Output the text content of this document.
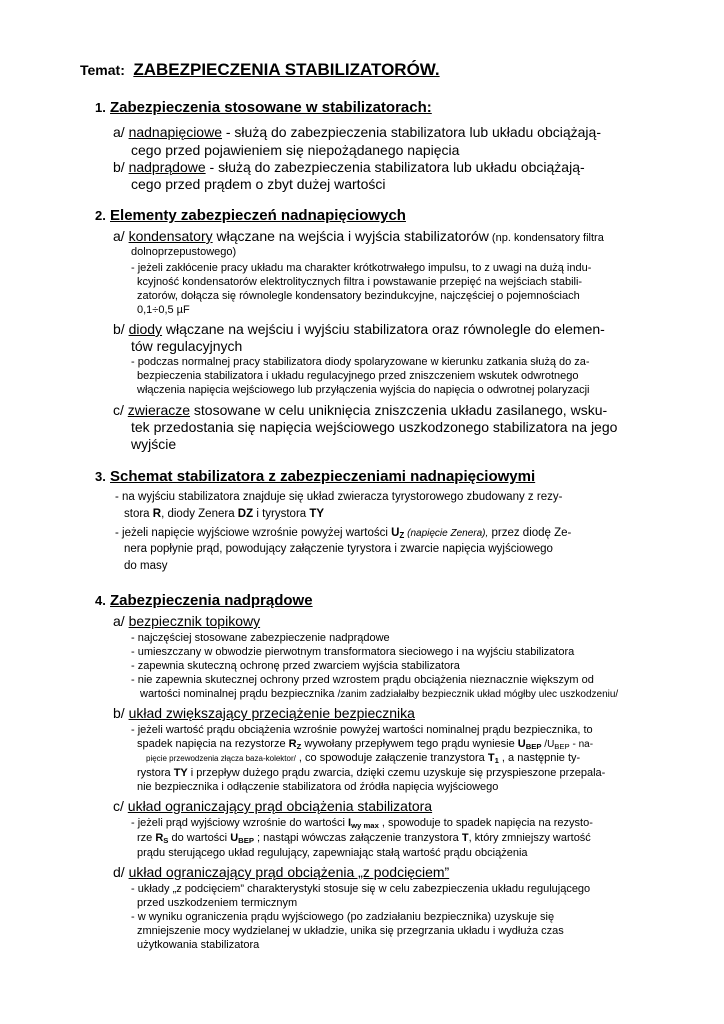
Temat: ZABEZPIECZENIA STABILIZATORÓW.
1. Zabezpieczenia stosowane w stabilizatorach:
a/ nadnapięciowe - służą do zabezpieczenia stabilizatora lub układu obciążają-
cego przed pojawieniem się niepożądanego napięcia
b/ nadprądowe - służą do zabezpieczenia stabilizatora lub układu obciążają-
cego przed prądem o zbyt dużej wartości
2. Elementy zabezpieczeń nadnapięciowych
a/ kondensatory włączane na wejścia i wyjścia stabilizatorów (np. kondensatory filtra
dolnoprzepustowego)
- jeżeli zakłócenie pracy układu ma charakter krótkotrwałego impulsu, to z uwagi na dużą indu-
kcyjność kondensatorów elektrolitycznych filtra i powstawanie przepięć na wejściach stabili-
zatorów, dołącza się równolegle kondensatory bezindukcyjne, najczęściej o pojemnościach
0,1÷0,5 µF
b/ diody włączane na wejściu i wyjściu stabilizatora oraz równolegle do elemen-
tów regulacyjnych
- podczas normalnej pracy stabilizatora diody spolaryzowane w kierunku zatkania służą do za-
bezpieczenia stabilizatora i układu regulacyjnego przed zniszczeniem wskutek odwrotnego
włączenia napięcia wejściowego lub przyłączenia wyjścia do napięcia o odwrotnej polaryzacji
c/ zwieracze stosowane w celu uniknięcia zniszczenia układu zasilanego, wsku-
tek przedostania się napięcia wejściowego uszkodzonego stabilizatora na jego
wyjście
3. Schemat stabilizatora z zabezpieczeniami nadnapięciowymi
- na wyjściu stabilizatora znajduje się układ zwieracza tyrystorowego zbudowany z rezy-
storа R, diody Zenera DZ i tyrystora TY
- jeżeli napięcie wyjściowe wzrośnie powyżej wartości $U_Z$ (napięcie Zenera), przez diodę Ze-
nera popłynie prąd, powodujący załączenie tyrystora i zwarcie napięcia wyjściowego
do masy
4. Zabezpieczenia nadprądowe
a/ bezpiecznik topikowy
- najczęściej stosowane zabezpieczenie nadprądowe
- umieszczany w obwodzie pierwotnym transformatora sieciowego i na wyjściu stabilizatora
- zapewnia skuteczną ochronę przed zwarciem wyjścia stabilizatora
- nie zapewnia skutecznej ochrony przed wzrostem prądu obciążenia nieznacznie większym od
wartości nominalnej prądu bezpiecznika /zanim zadziałałby bezpiecznik układ mógłby ulec uszkodzeniu/
b/ układ zwiększający przeciążenie bezpiecznika
- jeżeli wartość prądu obciążenia wzrośnie powyżej wartości nominalnej prądu bezpiecznika, to
spadek napięcia na rezystorze $R_Z$ wywołany przepływem tego prądu wyniesie $U_{BEP}$ $/U_{BEP} - na-$
pięcie przewodzenia złącza baza-kolektor/ , co spowoduje załączenie tranzystora $T_1$ , a następnie ty-
rystora TY i przepływ dużego prądu zwarcia, dzięki czemu uzyskuje się przyspieszone przepala-
nie bezpiecznika i odłączenie stabilizatora od źródła napięcia wyjściowego
c/ układ ograniczający prąd obciążenia stabilizatora
- jeżeli prąd wyjściowy wzrośnie do wartości $I_{wy max}$ , spowoduje to spadek napięcia na rezysto-
rze $R_S$ do wartości $U_{BEP}$ ; nastąpi wówczas załączenie tranzystora T, który zmniejszy wartość
prądu sterującego układ regulujący, zapewniając stałą wartość prądu obciążenia
d/ układ ograniczający prąd obciążenia „z podcięciem”
- układy „z podcięciem” charakterystyki stosuje się w celu zabezpieczenia układu regulującego
przed uszkodzeniem termicznym
- w wyniku ograniczenia prądu wyjściowego (po zadziałaniu bezpiecznika) uzyskuje się
zmniejszenie mocy wydzielanej w układzie, unika się przegrzania układu i wydłuża czas
użytkowania stabilizatora
